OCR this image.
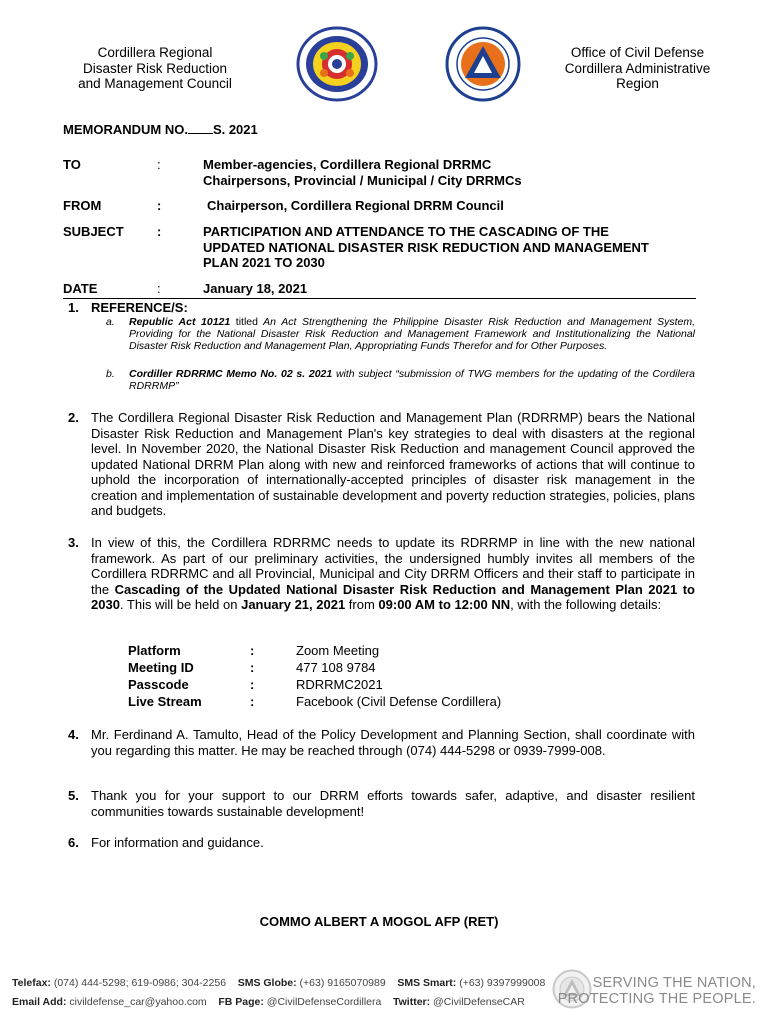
Cordillera Regional
Disaster Risk Reduction
and Management Council
Office of Civil Defense
Cordillera Administrative
Region
MEMORANDUM NO. S. 2021
TO	:	Member-agencies, Cordillera Regional DRRMC
Chairpersons, Provincial / Municipal / City DRRMCs
FROM	:	Chairperson, Cordillera Regional DRRM Council
SUBJECT	:	PARTICIPATION AND ATTENDANCE TO THE CASCADING OF THE
UPDATED NATIONAL DISASTER RISK REDUCTION AND MANAGEMENT
PLAN 2021 TO 2030
DATE	:	January 18, 2021
1. REFERENCE/S:
a. Republic Act 10121 titled An Act Strengthening the Philippine Disaster Risk Reduction and Management System, Providing for the National Disaster Risk Reduction and Management Framework and Institutionalizing the National Disaster Risk Reduction and Management Plan, Appropriating Funds Therefor and for Other Purposes.
b. Cordiller RDRRMC Memo No. 02 s. 2021 with subject “submission of TWG members for the updating of the Cordilera RDRRMP”
2. The Cordillera Regional Disaster Risk Reduction and Management Plan (RDRRMP) bears the National Disaster Risk Reduction and Management Plan's key strategies to deal with disasters at the regional level. In November 2020, the National Disaster Risk Reduction and management Council approved the updated National DRRM Plan along with new and reinforced frameworks of actions that will continue to uphold the incorporation of internationally-accepted principles of disaster risk management in the creation and implementation of sustainable development and poverty reduction strategies, policies, plans and budgets.
3. In view of this, the Cordillera RDRRMC needs to update its RDRRMP in line with the new national framework. As part of our preliminary activities, the undersigned humbly invites all members of the Cordillera RDRRMC and all Provincial, Municipal and City DRRM Officers and their staff to participate in the Cascading of the Updated National Disaster Risk Reduction and Management Plan 2021 to 2030. This will be held on January 21, 2021 from 09:00 AM to 12:00 NN, with the following details:
Platform	:	Zoom Meeting
Meeting ID	:	477 108 9784
Passcode	:	RDRRMC2021
Live Stream	:	Facebook (Civil Defense Cordillera)
4. Mr. Ferdinand A. Tamulto, Head of the Policy Development and Planning Section, shall coordinate with you regarding this matter. He may be reached through (074) 444-5298 or 0939-7999-008.
5. Thank you for your support to our DRRM efforts towards safer, adaptive, and disaster resilient communities towards sustainable development!
6. For information and guidance.
COMMO ALBERT A MOGOL AFP (RET)
Telefax: (074) 444-5298; 619-0986; 304-2256 SMS Globe: (+63) 9165070989 SMS Smart: (+63) 9397999008
Email Add: civildefense_car@yahoo.com FB Page: @CivilDefenseCordillera Twitter: @CivilDefenseCAR
SERVING THE NATION,
PROTECTING THE PEOPLE.
